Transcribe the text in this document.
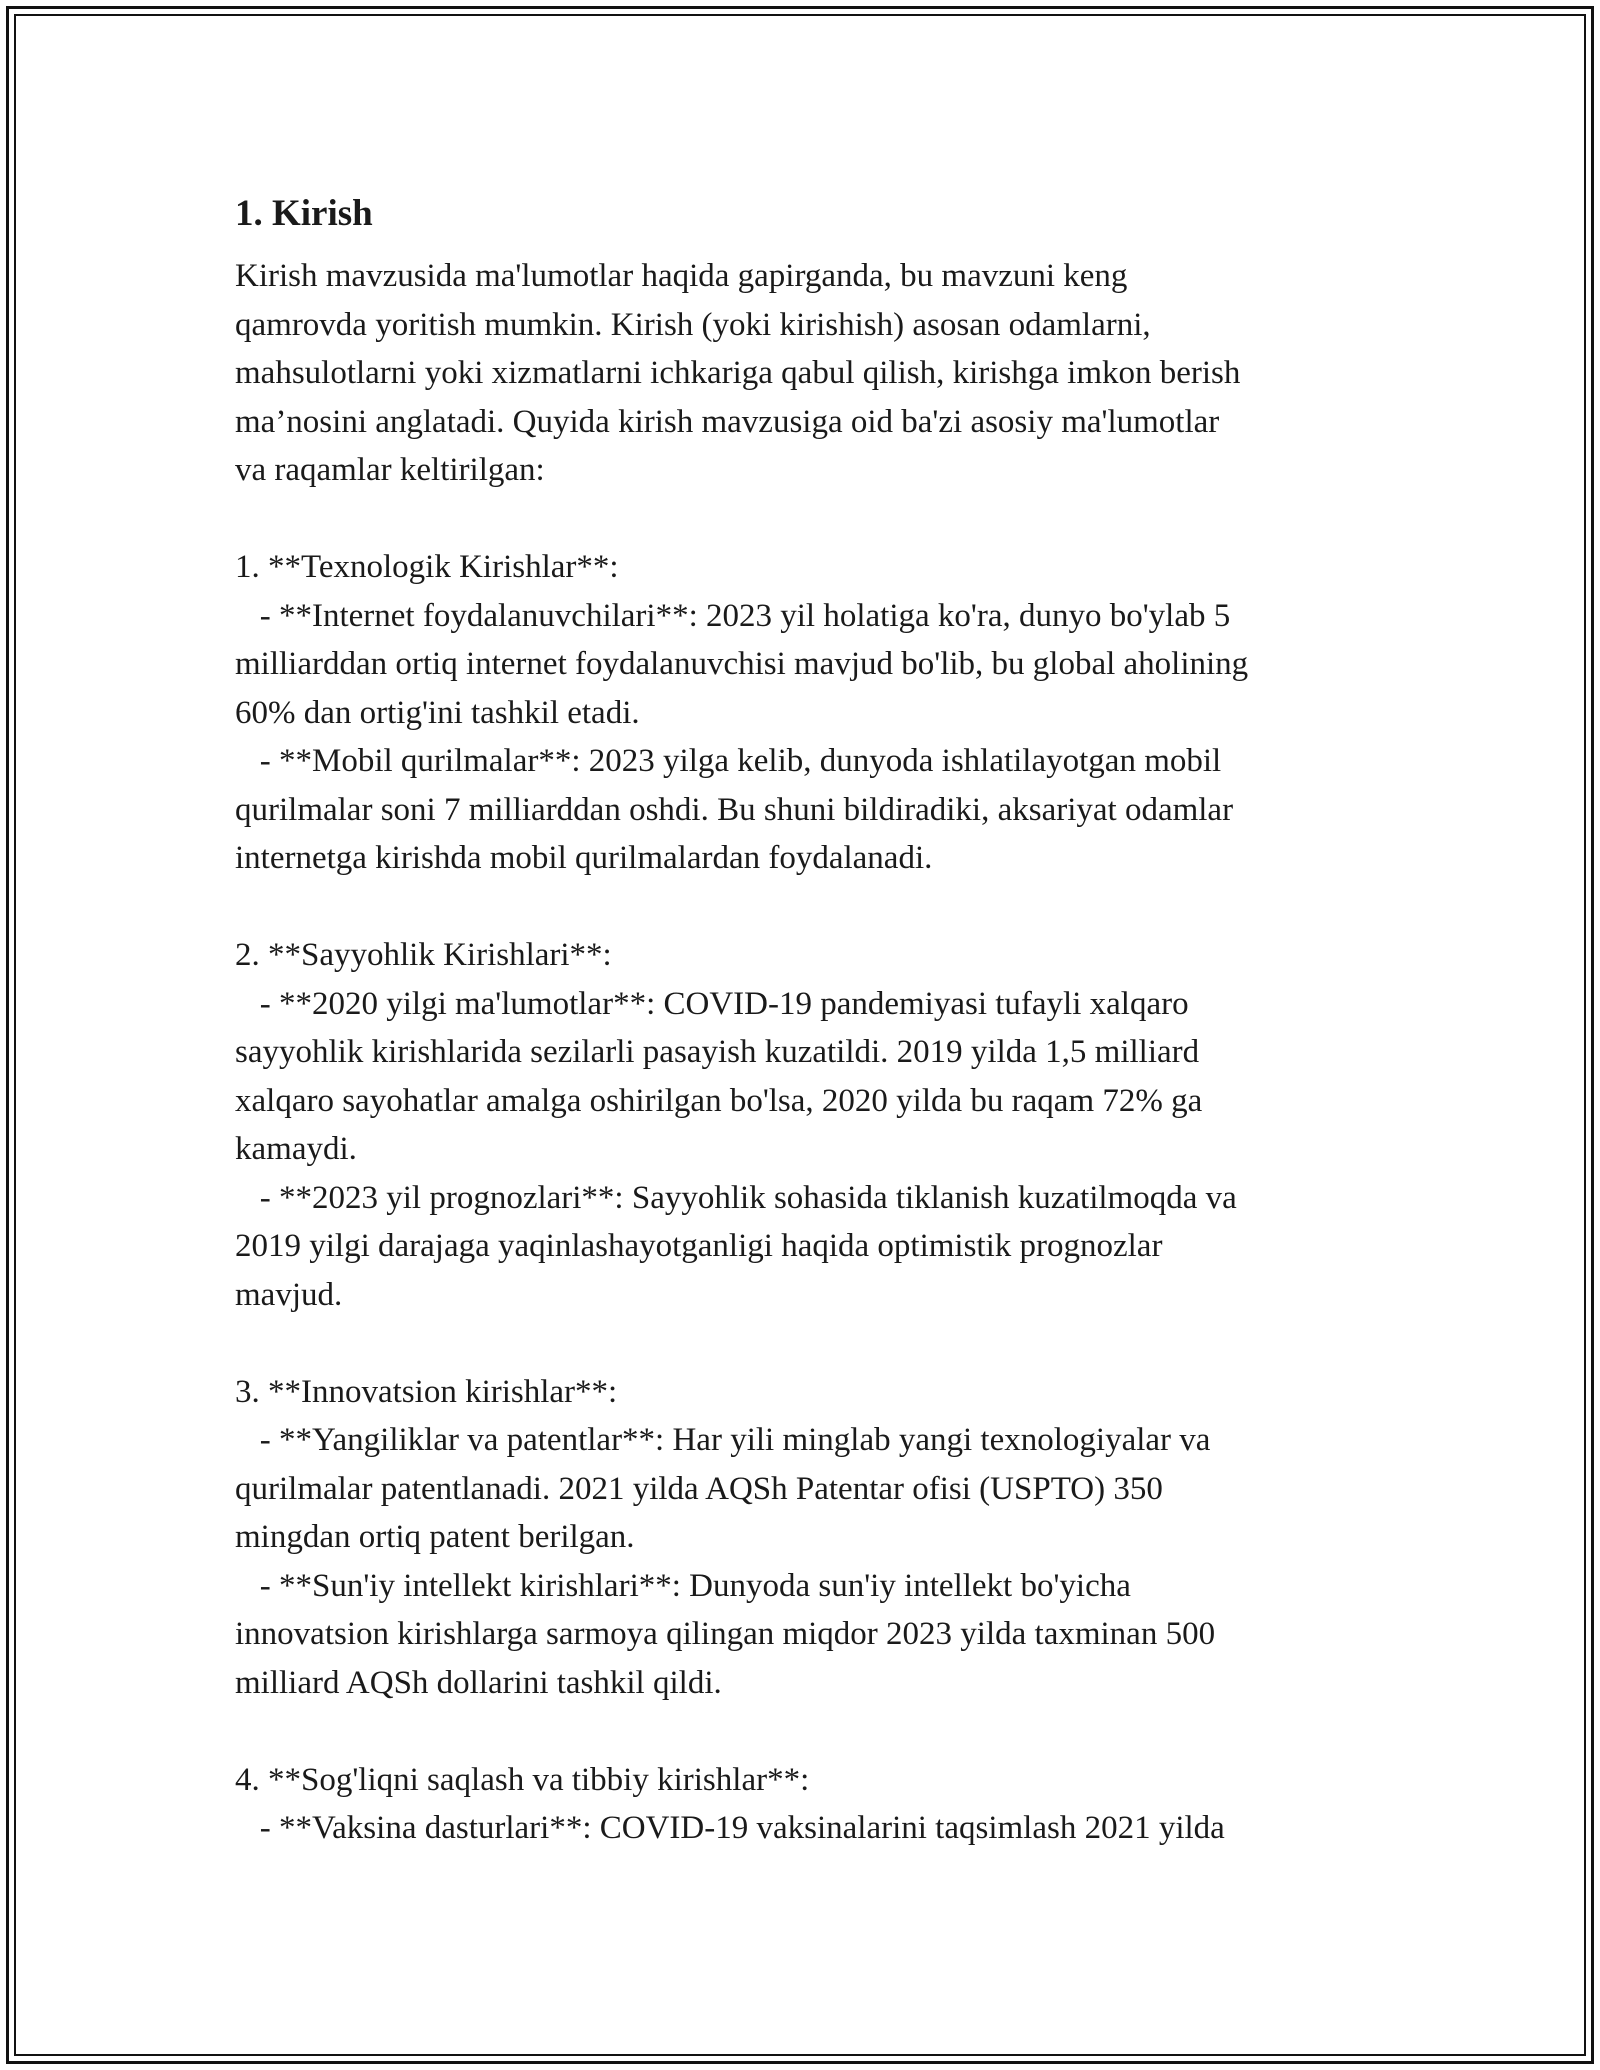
1. Kirish

Kirish mavzusida ma'lumotlar haqida gapirganda, bu mavzuni keng
qamrovda yoritish mumkin. Kirish (yoki kirishish) asosan odamlarni,
mahsulotlarni yoki xizmatlarni ichkariga qabul qilish, kirishga imkon berish
ma’nosini anglatadi. Quyida kirish mavzusiga oid ba'zi asosiy ma'lumotlar
va raqamlar keltirilgan:

1. **Texnologik Kirishlar**:
- **Internet foydalanuvchilari**: 2023 yil holatiga ko'ra, dunyo bo'ylab 5
milliarddan ortiq internet foydalanuvchisi mavjud bo'lib, bu global aholining
60% dan ortig'ini tashkil etadi.
- **Mobil qurilmalar**: 2023 yilga kelib, dunyoda ishlatilayotgan mobil
qurilmalar soni 7 milliarddan oshdi. Bu shuni bildiradiki, aksariyat odamlar
internetga kirishda mobil qurilmalardan foydalanadi.

2. **Sayyohlik Kirishlari**:
- **2020 yilgi ma'lumotlar**: COVID-19 pandemiyasi tufayli xalqaro
sayyohlik kirishlarida sezilarli pasayish kuzatildi. 2019 yilda 1,5 milliard
xalqaro sayohatlar amalga oshirilgan bo'lsa, 2020 yilda bu raqam 72% ga
kamaydi.
- **2023 yil prognozlari**: Sayyohlik sohasida tiklanish kuzatilmoqda va
2019 yilgi darajaga yaqinlashayotganligi haqida optimistik prognozlar
mavjud.

3. **Innovatsion kirishlar**:
- **Yangiliklar va patentlar**: Har yili minglab yangi texnologiyalar va
qurilmalar patentlanadi. 2021 yilda AQSh Patentar ofisi (USPTO) 350
mingdan ortiq patent berilgan.
- **Sun'iy intellekt kirishlari**: Dunyoda sun'iy intellekt bo'yicha
innovatsion kirishlarga sarmoya qilingan miqdor 2023 yilda taxminan 500
milliard AQSh dollarini tashkil qildi.

4. **Sog'liqni saqlash va tibbiy kirishlar**:
- **Vaksina dasturlari**: COVID-19 vaksinalarini taqsimlash 2021 yilda
